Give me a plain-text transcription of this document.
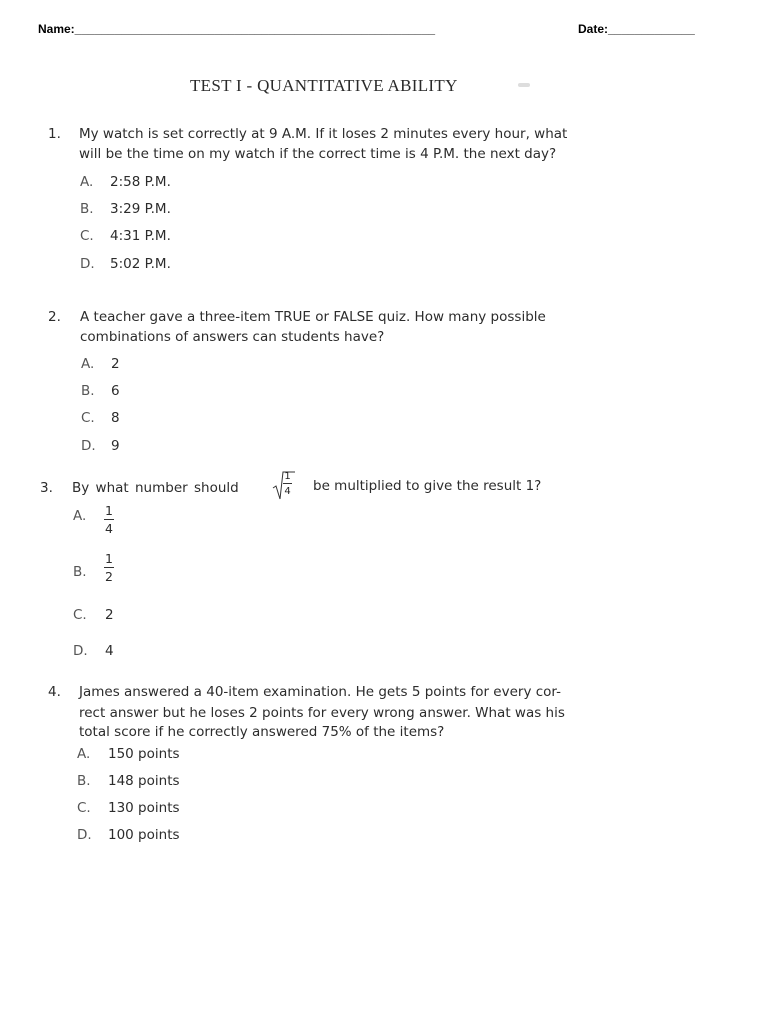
Name:______________________________________________________	Date:_____________
TEST I - QUANTITATIVE ABILITY
1. My watch is set correctly at 9 A.M. If it loses 2 minutes every hour, what
will be the time on my watch if the correct time is 4 P.M. the next day?
A. 2:58 P.M.
B. 3:29 P.M.
C. 4:31 P.M.
D. 5:02 P.M.
2. A teacher gave a three-item TRUE or FALSE quiz. How many possible
combinations of answers can students have?
A. 2
B. 6
C. 8
D. 9
3. By what number should	be multiplied to give the result 1?
1
4
A. 1
4
B.
1
2
C. 2
D. 4
4. James answered a 40-item examination. He gets 5 points for every cor-
rect answer but he loses 2 points for every wrong answer. What was his
total score if he correctly answered 75% of the items?
A. 150 points
B. 148 points
C. 130 points
D. 100 points
